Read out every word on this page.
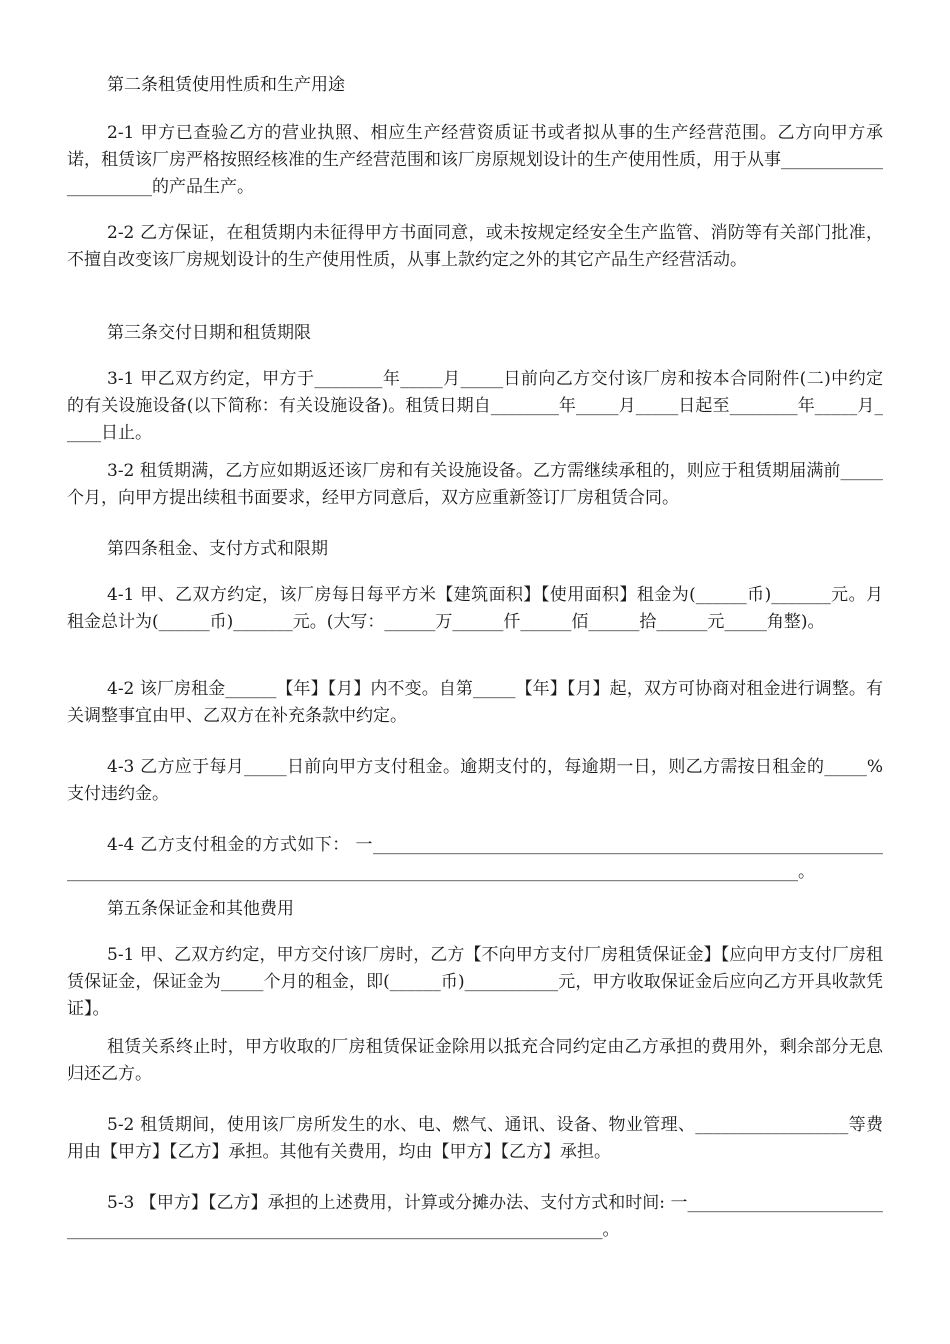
第二条租赁使用性质和生产用途

2-1 甲方已查验乙方的营业执照、相应生产经营资质证书或者拟从事的生产经营范围。乙方向甲方承诺，租赁该厂房严格按照经核准的生产经营范围和该厂房原规划设计的生产使用性质，用于从事______________________的产品生产。

2-2 乙方保证，在租赁期内未征得甲方书面同意，或未按规定经安全生产监管、消防等有关部门批准，不擅自改变该厂房规划设计的生产使用性质，从事上款约定之外的其它产品生产经营活动。

第三条交付日期和租赁期限

3-1 甲乙双方约定，甲方于________年_____月_____日前向乙方交付该厂房和按本合同附件(二)中约定的有关设施设备(以下简称：有关设施设备)。租赁日期自________年_____月_____日起至________年_____月_____日止。

3-2 租赁期满，乙方应如期返还该厂房和有关设施设备。乙方需继续承租的，则应于租赁期届满前_____个月，向甲方提出续租书面要求，经甲方同意后，双方应重新签订厂房租赁合同。

第四条租金、支付方式和限期

4-1 甲、乙双方约定，该厂房每日每平方米【建筑面积】【使用面积】租金为(______币)_______元。月租金总计为(______币)_______元。(大写：______万______仟______佰______拾______元_____角整)。

4-2 该厂房租金______【年】【月】内不变。自第_____【年】【月】起，双方可协商对租金进行调整。有关调整事宜由甲、乙双方在补充条款中约定。

4-3 乙方应于每月_____日前向甲方支付租金。逾期支付的，每逾期一日，则乙方需按日租金的_____%支付违约金。

4-4 乙方支付租金的方式如下： 一__________________________________________________________________________________________________________________________________________________。

第五条保证金和其他费用

5-1 甲、乙双方约定，甲方交付该厂房时，乙方【不向甲方支付厂房租赁保证金】【应向甲方支付厂房租赁保证金，保证金为_____个月的租金，即(______币)___________元，甲方收取保证金后应向乙方开具收款凭证】。

租赁关系终止时，甲方收取的厂房租赁保证金除用以抵充合同约定由乙方承担的费用外，剩余部分无息归还乙方。

5-2 租赁期间，使用该厂房所发生的水、电、燃气、通讯、设备、物业管理、__________________等费用由【甲方】【乙方】承担。其他有关费用，均由【甲方】【乙方】承担。

5-3 【甲方】【乙方】承担的上述费用，计算或分摊办法、支付方式和时间: 一______________________________________________________________________________________。
